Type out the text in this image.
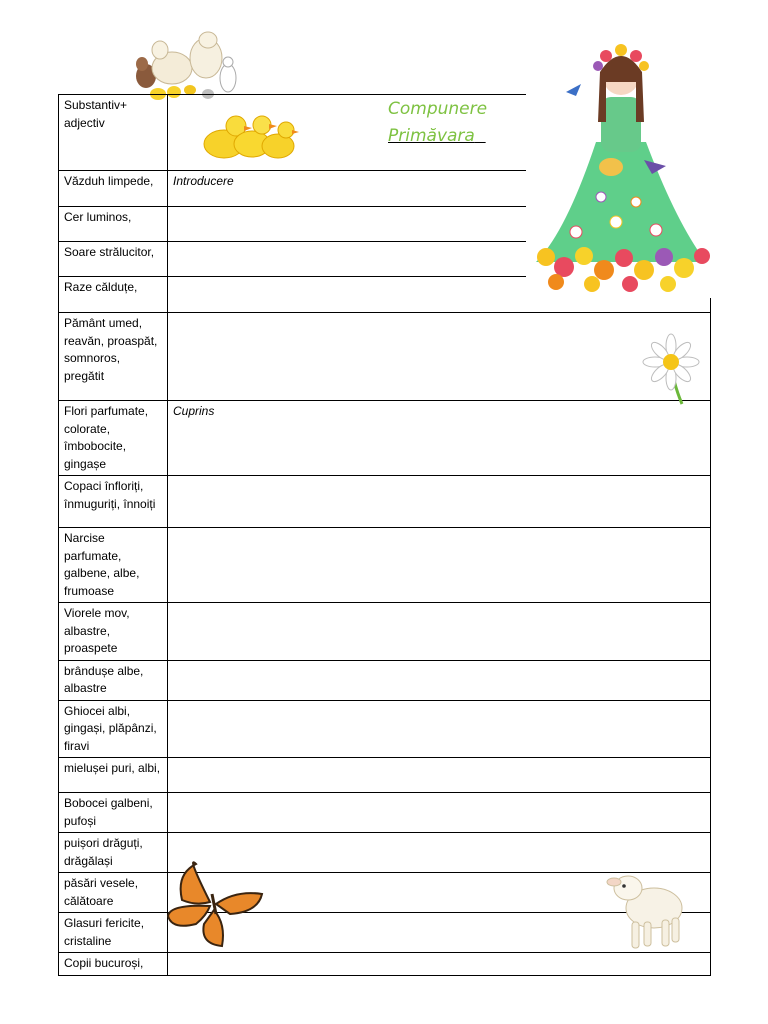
Compunere
Primăvara
Substantiv+ adjectiv	
Văzduh limpede,	Introducere
Cer luminos,	
Soare strălucitor,	
Raze călduțe,	
Pământ umed, reavăn, proaspăt, somnoros, pregătit	
Flori parfumate, colorate, îmbobocite, gingașe	Cuprins
Copaci înfloriți, înmuguriți, înnoiți	
Narcise parfumate, galbene, albe, frumoase	
Viorele mov, albastre, proaspete	
brândușe albe, albastre	
Ghiocei albi, gingași, plăpânzi, firavi	
mielușei puri, albi,	
Bobocei galbeni, pufoși	
puișori drăguți, drăgălași	
păsări vesele, călătoare	
Glasuri fericite, cristaline	
Copii bucuroși,	
